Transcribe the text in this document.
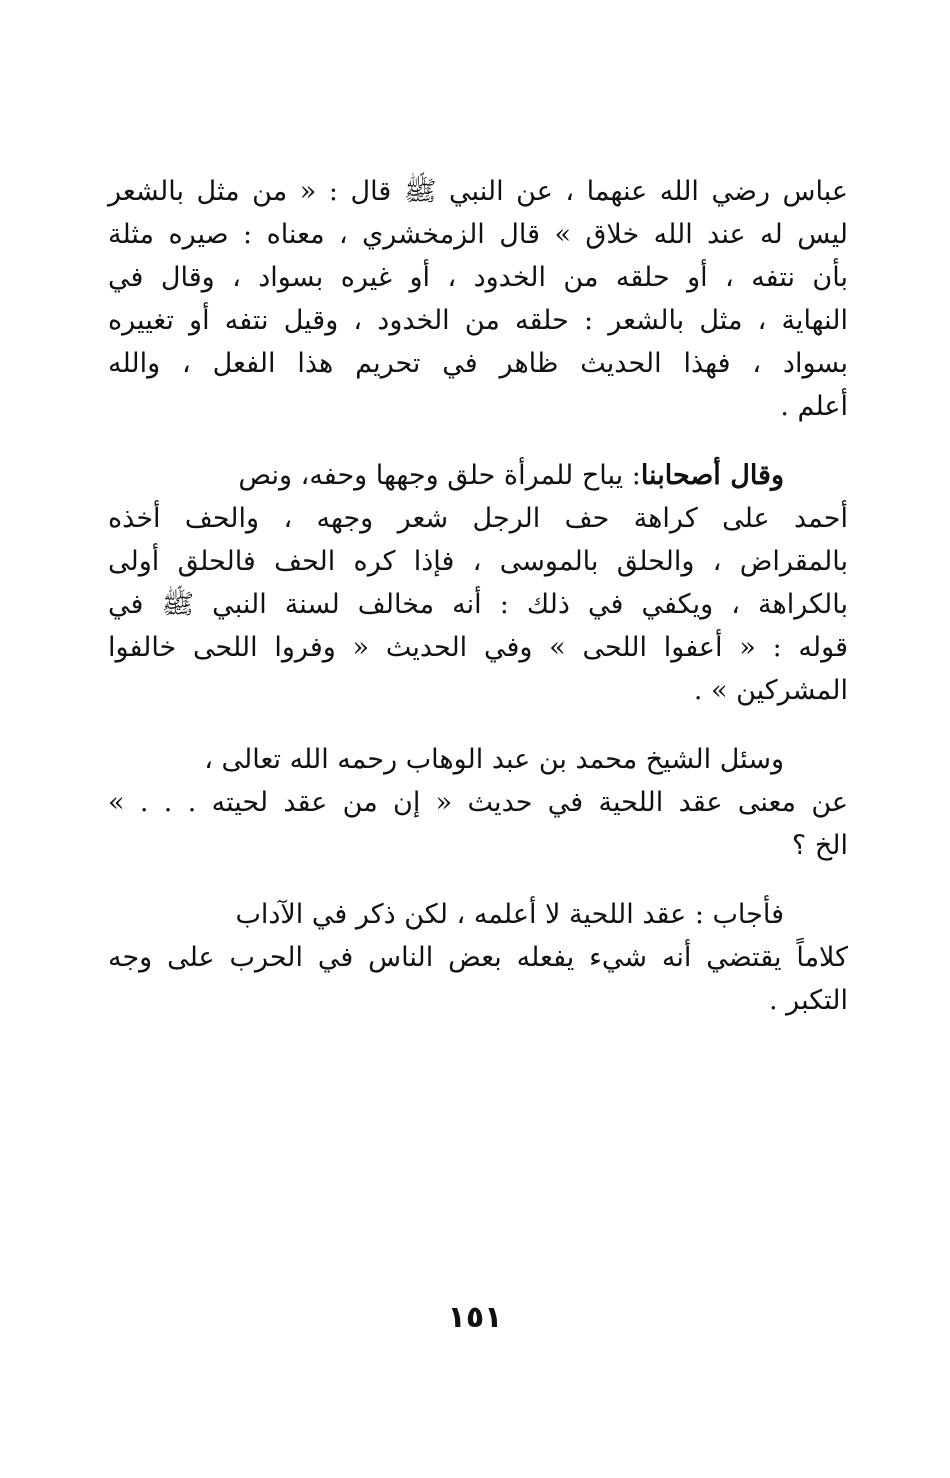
عباس رضي الله عنهما ، عن النبي ﷺ قال : « من مثل بالشعر
ليس له عند الله خلاق » قال الزمخشري ، معناه : صيره مثلة
بأن نتفه ، أو حلقه من الخدود ، أو غيره بسواد ، وقال في
النهاية ، مثل بالشعر : حلقه من الخدود ، وقيل نتفه أو تغييره
بسواد ، فهذا الحديث ظاهر في تحريم هذا الفعل ، والله
أعلم .
وقال أصحابنا: يباح للمرأة حلق وجهها وحفه، ونص
أحمد على كراهة حف الرجل شعر وجهه ، والحف أخذه
بالمقراض ، والحلق بالموسى ، فإذا كره الحف فالحلق أولى
بالكراهة ، ويكفي في ذلك : أنه مخالف لسنة النبي ﷺ في
قوله : « أعفوا اللحى » وفي الحديث « وفروا اللحى خالفوا
المشركين » .
وسئل الشيخ محمد بن عبد الوهاب رحمه الله تعالى ،
عن معنى عقد اللحية في حديث « إن من عقد لحيته . . . »
الخ ؟
فأجاب : عقد اللحية لا أعلمه ، لكن ذكر في الآداب
كلاماً يقتضي أنه شيء يفعله بعض الناس في الحرب على وجه
التكبر .
١٥١
